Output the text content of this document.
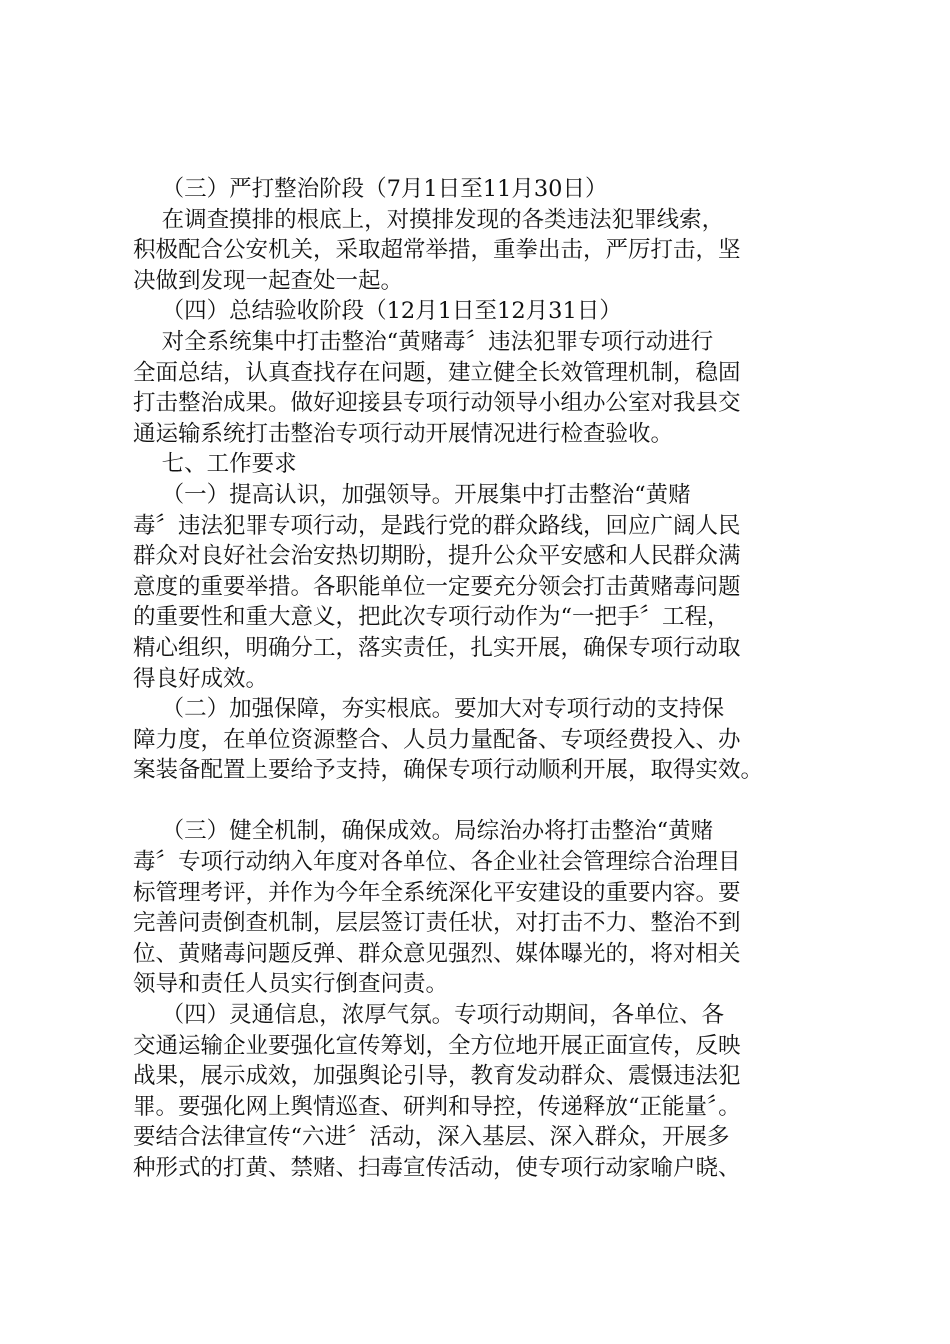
（三）严打整治阶段（7月1日至11月30日）
在调查摸排的根底上，对摸排发现的各类违法犯罪线索，
积极配合公安机关，采取超常举措，重拳出击，严厉打击，坚
决做到发现一起查处一起。
（四）总结验收阶段（12月1日至12月31日）
对全系统集中打击整治“黄赌毒〞违法犯罪专项行动进行
全面总结，认真查找存在问题，建立健全长效管理机制，稳固
打击整治成果。做好迎接县专项行动领导小组办公室对我县交
通运输系统打击整治专项行动开展情况进行检查验收。
七、工作要求
（一）提高认识，加强领导。开展集中打击整治“黄赌
毒〞违法犯罪专项行动，是践行党的群众路线，回应广阔人民
群众对良好社会治安热切期盼，提升公众平安感和人民群众满
意度的重要举措。各职能单位一定要充分领会打击黄赌毒问题
的重要性和重大意义，把此次专项行动作为“一把手〞工程，
精心组织，明确分工，落实责任，扎实开展，确保专项行动取
得良好成效。
（二）加强保障，夯实根底。要加大对专项行动的支持保
障力度，在单位资源整合、人员力量配备、专项经费投入、办
案装备配置上要给予支持，确保专项行动顺利开展，取得实效。
（三）健全机制，确保成效。局综治办将打击整治“黄赌
毒〞专项行动纳入年度对各单位、各企业社会管理综合治理目
标管理考评，并作为今年全系统深化平安建设的重要内容。要
完善问责倒查机制，层层签订责任状，对打击不力、整治不到
位、黄赌毒问题反弹、群众意见强烈、媒体曝光的，将对相关
领导和责任人员实行倒查问责。
（四）灵通信息，浓厚气氛。专项行动期间，各单位、各
交通运输企业要强化宣传筹划，全方位地开展正面宣传，反映
战果，展示成效，加强舆论引导，教育发动群众、震慑违法犯
罪。要强化网上舆情巡查、研判和导控，传递释放“正能量〞。
要结合法律宣传“六进〞活动，深入基层、深入群众，开展多
种形式的打黄、禁赌、扫毒宣传活动，使专项行动家喻户晓、
